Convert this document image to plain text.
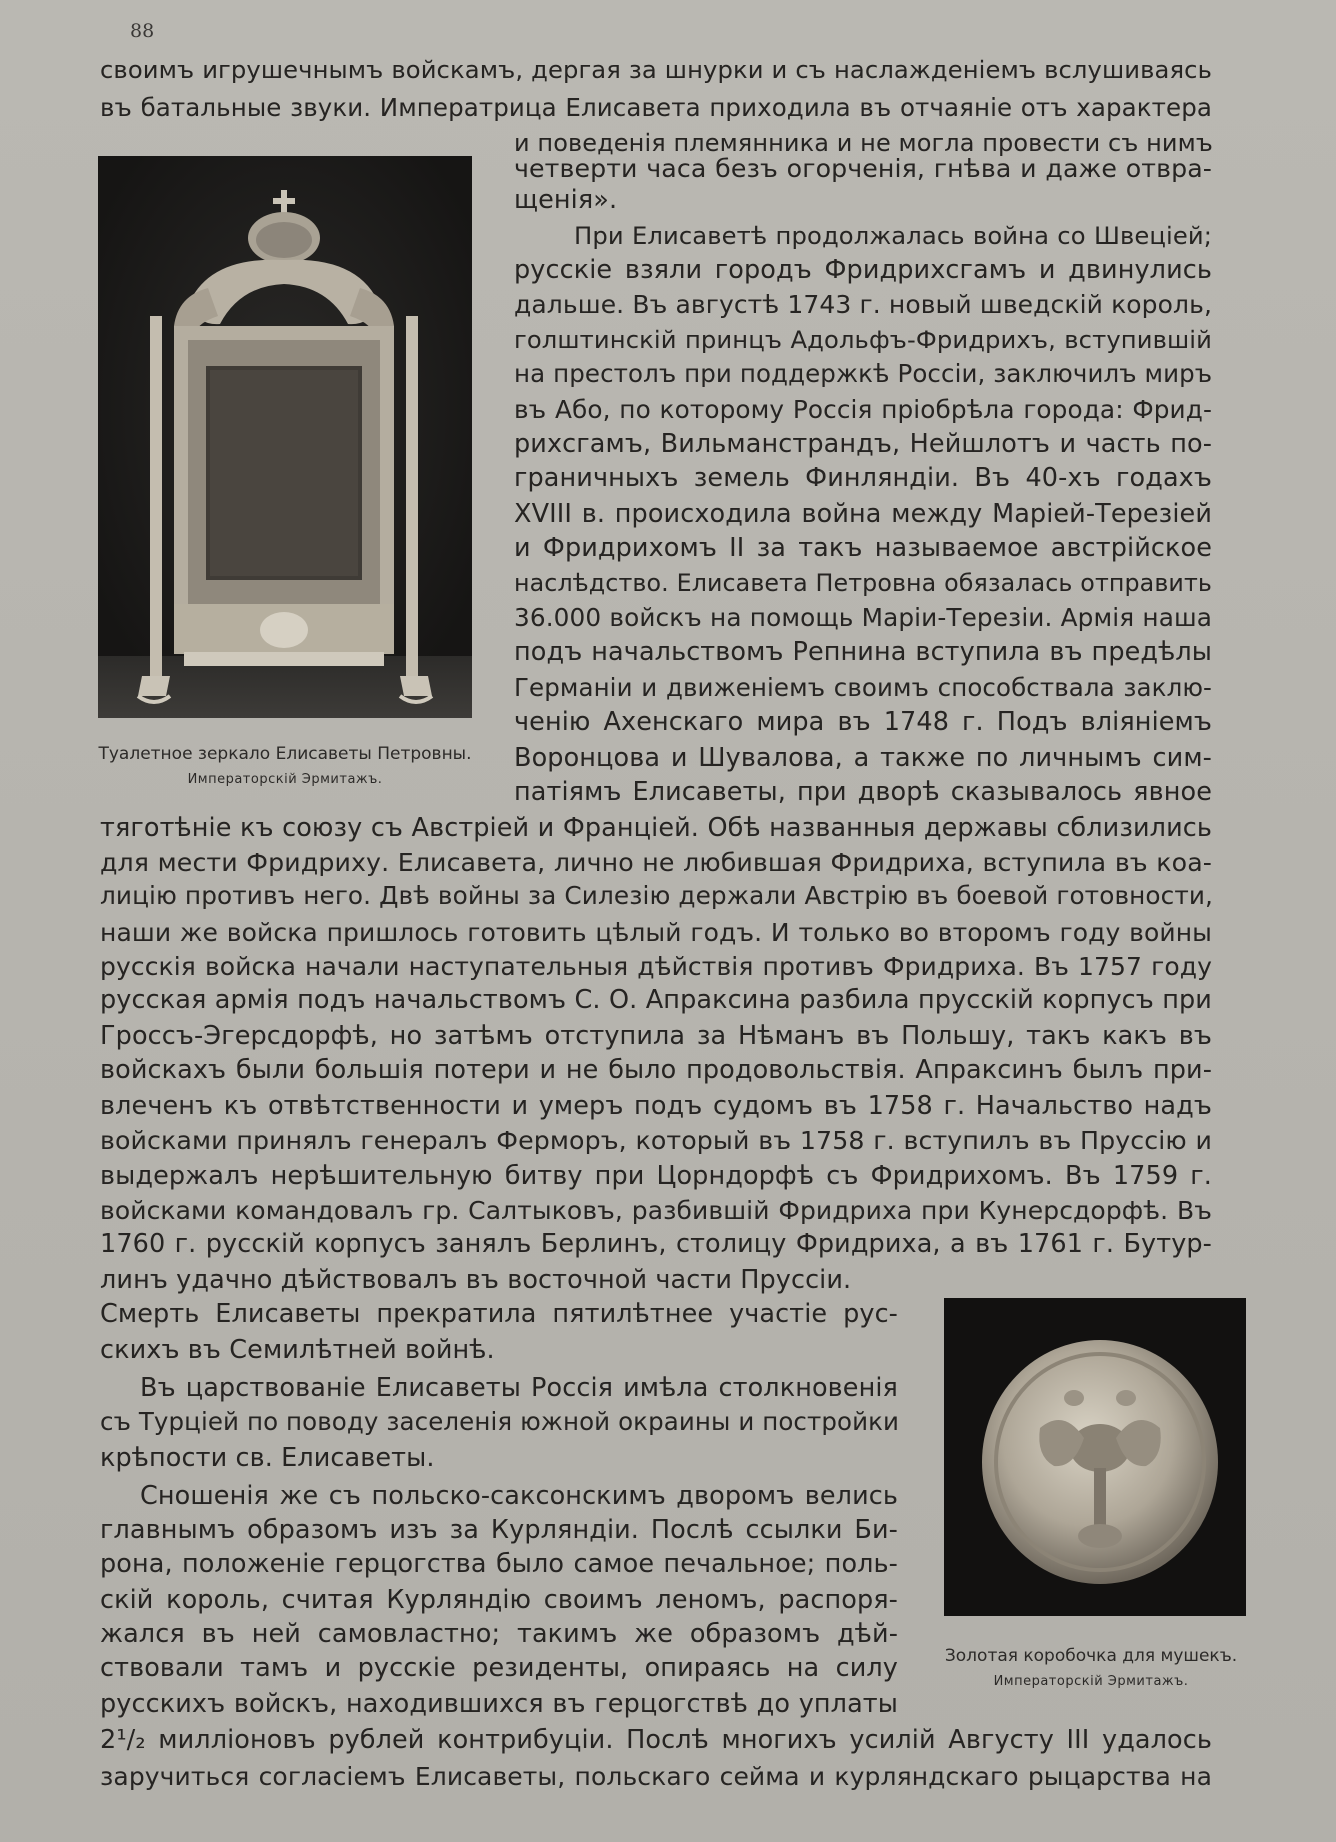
88
своимъ игрушечнымъ войскамъ, дергая за шнурки и съ наслажденіемъ вслушиваясь
въ батальные звуки. Императрица Елисавета приходила въ отчаяніе отъ характера
Туалетное зеркало Елисаветы Петровны.
Императорскій Эрмитажъ.
и поведенія племянника и не могла провести съ нимъ
четверти часа безъ огорченія, гнѣва и даже отвра-
щенія».
При Елисаветѣ продолжалась война со Швеціей;
русскіе взяли городъ Фридрихсгамъ и двинулись
дальше. Въ августѣ 1743 г. новый шведскій король,
голштинскій принцъ Адольфъ-Фридрихъ, вступившій
на престолъ при поддержкѣ Россіи, заключилъ миръ
въ Або, по которому Россія пріобрѣла города: Фрид-
рихсгамъ, Вильманстрандъ, Нейшлотъ и часть по-
граничныхъ земель Финляндіи. Въ 40-хъ годахъ
XVIII в. происходила война между Маріей-Терезіей
и Фридрихомъ II за такъ называемое австрійское
наслѣдство. Елисавета Петровна обязалась отправить
36.000 войскъ на помощь Маріи-Терезіи. Армія наша
подъ начальствомъ Репнина вступила въ предѣлы
Германіи и движеніемъ своимъ способствала заклю-
ченію Ахенскаго мира въ 1748 г. Подъ вліяніемъ
Воронцова и Шувалова, а также по личнымъ сим-
патіямъ Елисаветы, при дворѣ сказывалось явное
тяготѣніе къ союзу съ Австріей и Франціей. Обѣ названныя державы сблизились
для мести Фридриху. Елисавета, лично не любившая Фридриха, вступила въ коа-
лицію противъ него. Двѣ войны за Силезію держали Австрію въ боевой готовности,
наши же войска пришлось готовить цѣлый годъ. И только во второмъ году войны
русскія войска начали наступательныя дѣйствія противъ Фридриха. Въ 1757 году
русская армія подъ начальствомъ С. О. Апраксина разбила прусскій корпусъ при
Гроссъ-Эгерсдорфѣ, но затѣмъ отступила за Нѣманъ въ Польшу, такъ какъ въ
войскахъ были большія потери и не было продовольствія. Апраксинъ былъ при-
влеченъ къ отвѣтственности и умеръ подъ судомъ въ 1758 г. Начальство надъ
войсками принялъ генералъ Ферморъ, который въ 1758 г. вступилъ въ Пруссію и
выдержалъ нерѣшительную битву при Цорндорфѣ съ Фридрихомъ. Въ 1759 г.
войсками командовалъ гр. Салтыковъ, разбившій Фридриха при Кунерсдорфѣ. Въ
1760 г. русскій корпусъ занялъ Берлинъ, столицу Фридриха, а въ 1761 г. Бутур-
Золотая коробочка для мушекъ.
Императорскій Эрмитажъ.
линъ удачно дѣйствовалъ въ восточной части Пруссіи.
Смерть Елисаветы прекратила пятилѣтнее участіе рус-
скихъ въ Семилѣтней войнѣ.
Въ царствованіе Елисаветы Россія имѣла столкновенія
съ Турціей по поводу заселенія южной окраины и постройки
крѣпости св. Елисаветы.
Сношенія же съ польско-саксонскимъ дворомъ велись
главнымъ образомъ изъ за Курляндіи. Послѣ ссылки Би-
рона, положеніе герцогства было самое печальное; поль-
скій король, считая Курляндію своимъ леномъ, распоря-
жался въ ней самовластно; такимъ же образомъ дѣй-
ствовали тамъ и русскіе резиденты, опираясь на силу
русскихъ войскъ, находившихся въ герцогствѣ до уплаты
2¹/₂ милліоновъ рублей контрибуціи. Послѣ многихъ усилій Августу III удалось
заручиться согласіемъ Елисаветы, польскаго сейма и курляндскаго рыцарства на
